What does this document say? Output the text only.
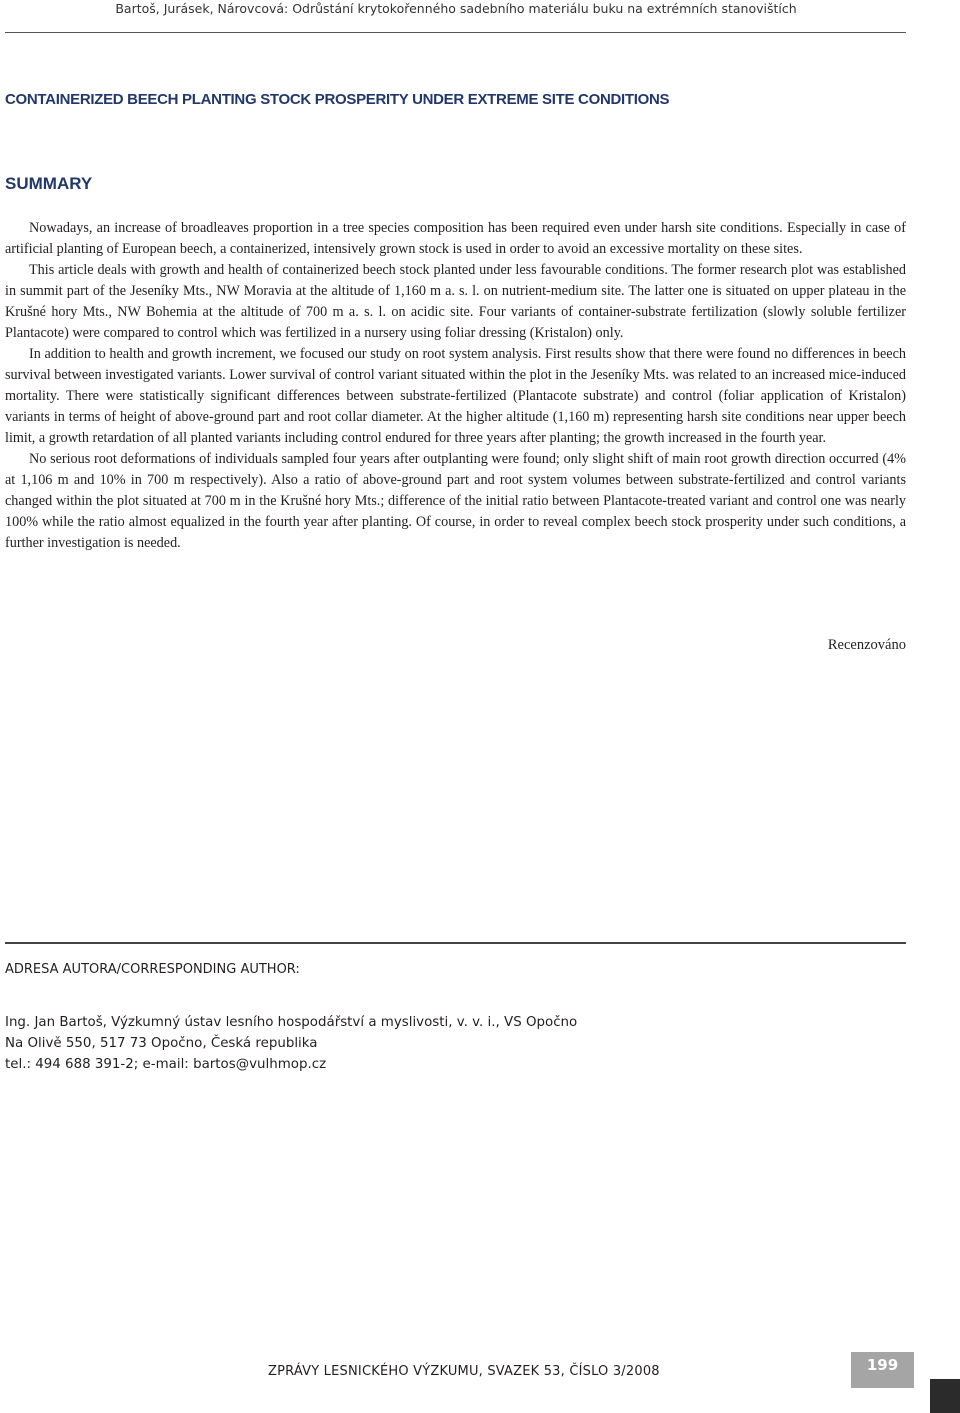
Bartoš, Jurásek, Nárovcová: Odrůstání krytokořenného sadebního materiálu buku na extrémních stanovištích
CONTAINERIZED BEECH PLANTING STOCK PROSPERITY UNDER EXTREME SITE CONDITIONS
SUMMARY

Nowadays, an increase of broadleaves proportion in a tree species composition has been required even under harsh site conditions. Especially in case of artificial planting of European beech, a containerized, intensively grown stock is used in order to avoid an excessive mortality on these sites.

This article deals with growth and health of containerized beech stock planted under less favourable conditions. The former research plot was established in summit part of the Jeseníky Mts., NW Moravia at the altitude of 1,160 m a. s. l. on nutrient-medium site. The latter one is situated on upper plateau in the Krušné hory Mts., NW Bohemia at the altitude of 700 m a. s. l. on acidic site. Four variants of container-substrate fertilization (slowly soluble fertilizer Plantacote) were compared to control which was fertilized in a nursery using foliar dressing (Kristalon) only.

In addition to health and growth increment, we focused our study on root system analysis. First results show that there were found no differences in beech survival between investigated variants. Lower survival of control variant situated within the plot in the Jeseníky Mts. was related to an increased mice-induced mortality. There were statistically significant differences between substrate-fertilized (Plantacote substrate) and control (foliar application of Kristalon) variants in terms of height of above-ground part and root collar diameter. At the higher altitude (1,160 m) representing harsh site conditions near upper beech limit, a growth retardation of all planted variants including control endured for three years after planting; the growth increased in the fourth year.

No serious root deformations of individuals sampled four years after outplanting were found; only slight shift of main root growth direction occurred (4% at 1,106 m and 10% in 700 m respectively). Also a ratio of above-ground part and root system volumes between substrate-fertilized and control variants changed within the plot situated at 700 m in the Krušné hory Mts.; difference of the initial ratio between Plantacote-treated variant and control one was nearly 100% while the ratio almost equalized in the fourth year after planting. Of course, in order to reveal complex beech stock prosperity under such conditions, a further investigation is needed.

Recenzováno
ADRESA AUTORA/CORRESPONDING AUTHOR:
Ing. Jan Bartoš, Výzkumný ústav lesního hospodářství a myslivosti, v. v. i., VS Opočno
Na Olivě 550, 517 73 Opočno, Česká republika
tel.: 494 688 391-2; e-mail: bartos@vulhmop.cz
ZPRÁVY LESNICKÉHO VÝZKUMU, SVAZEK 53, ČÍSLO 3/2008	199
